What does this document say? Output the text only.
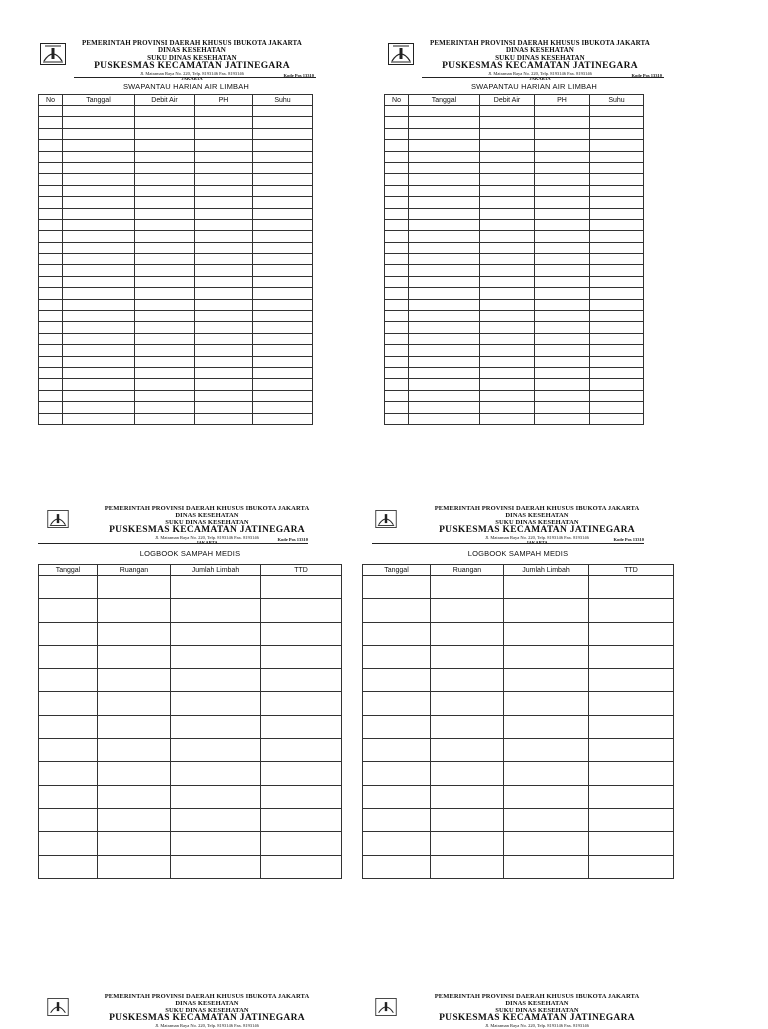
PEMERINTAH PROVINSI DAERAH KHUSUS IBUKOTA JAKARTA
DINAS KESEHATAN
SUKU DINAS KESEHATAN
PUSKESMAS KECAMATAN JATINEGARA
Jl. Matraman Raya No. 220, Telp. 8193146 Fax. 8193146
JAKARTA
Kode Pos 13310
SWAPANTAU HARIAN AIR LIMBAH
No	Tanggal	Debit Air	PH	Suhu

PEMERINTAH PROVINSI DAERAH KHUSUS IBUKOTA JAKARTA
DINAS KESEHATAN
SUKU DINAS KESEHATAN
PUSKESMAS KECAMATAN JATINEGARA
Jl. Matraman Raya No. 220, Telp. 8193146 Fax. 8193146
JAKARTA
Kode Pos 13310
SWAPANTAU HARIAN AIR LIMBAH
No	Tanggal	Debit Air	PH	Suhu

PEMERINTAH PROVINSI DAERAH KHUSUS IBUKOTA JAKARTA
DINAS KESEHATAN
SUKU DINAS KESEHATAN
PUSKESMAS KECAMATAN JATINEGARA
Jl. Matraman Raya No. 220, Telp. 8193146 Fax. 8193146
JAKARTA
Kode Pos 13310
LOGBOOK SAMPAH MEDIS
Tanggal	Ruangan	Jumlah Limbah	TTD

PEMERINTAH PROVINSI DAERAH KHUSUS IBUKOTA JAKARTA
DINAS KESEHATAN
SUKU DINAS KESEHATAN
PUSKESMAS KECAMATAN JATINEGARA
Jl. Matraman Raya No. 220, Telp. 8193146 Fax. 8193146
JAKARTA
Kode Pos 13310
LOGBOOK SAMPAH MEDIS
Tanggal	Ruangan	Jumlah Limbah	TTD

PEMERINTAH PROVINSI DAERAH KHUSUS IBUKOTA JAKARTA
DINAS KESEHATAN
SUKU DINAS KESEHATAN
PUSKESMAS KECAMATAN JATINEGARA
Jl. Matraman Raya No. 220, Telp. 8193146 Fax. 8193146
PEMERINTAH PROVINSI DAERAH KHUSUS IBUKOTA JAKARTA
DINAS KESEHATAN
SUKU DINAS KESEHATAN
PUSKESMAS KECAMATAN JATINEGARA
Jl. Matraman Raya No. 220, Telp. 8193146 Fax. 8193146
